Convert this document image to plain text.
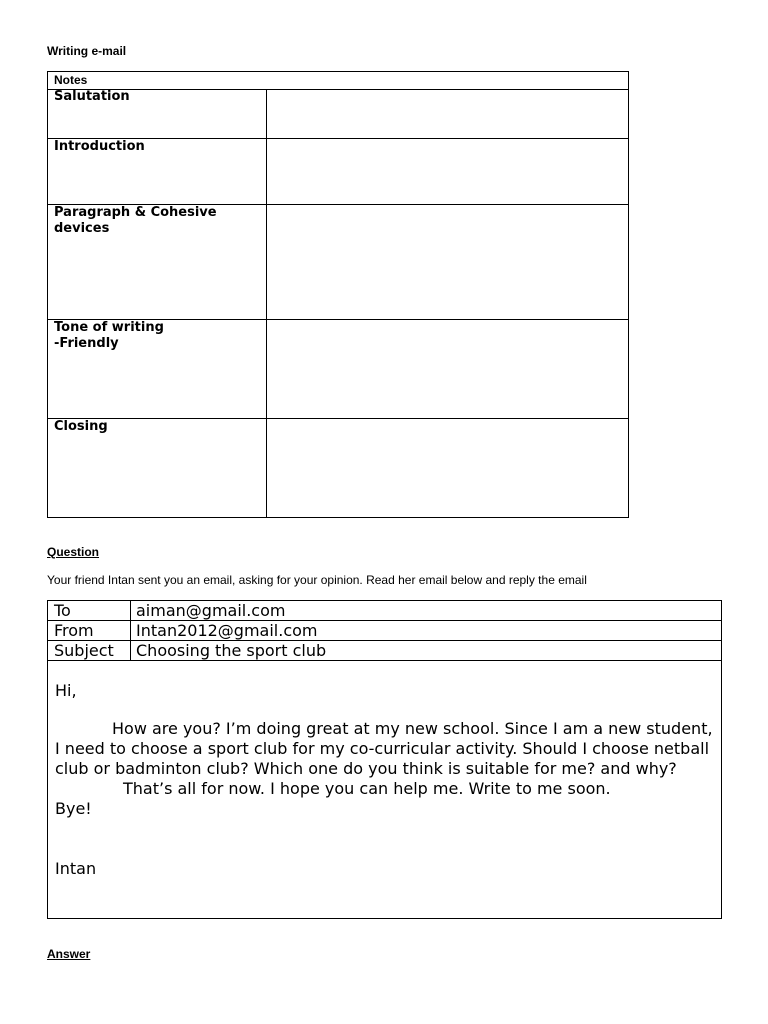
Writing e-mail
Notes
Salutation
Introduction
Paragraph & Cohesive devices
Tone of writing
-Friendly
Closing
Question
Your friend Intan sent you an email, asking for your opinion. Read her email below and reply the email
To	aiman@gmail.com
From	Intan2012@gmail.com
Subject Choosing the sport club

Hi,

How are you? I’m doing great at my new school. Since I am a new student, I need to choose a sport club for my co-curricular activity. Should I choose netball club or badminton club? Which one do you think is suitable for me? and why?

That’s all for now. I hope you can help me. Write to me soon.

Bye!

Intan

Answer
